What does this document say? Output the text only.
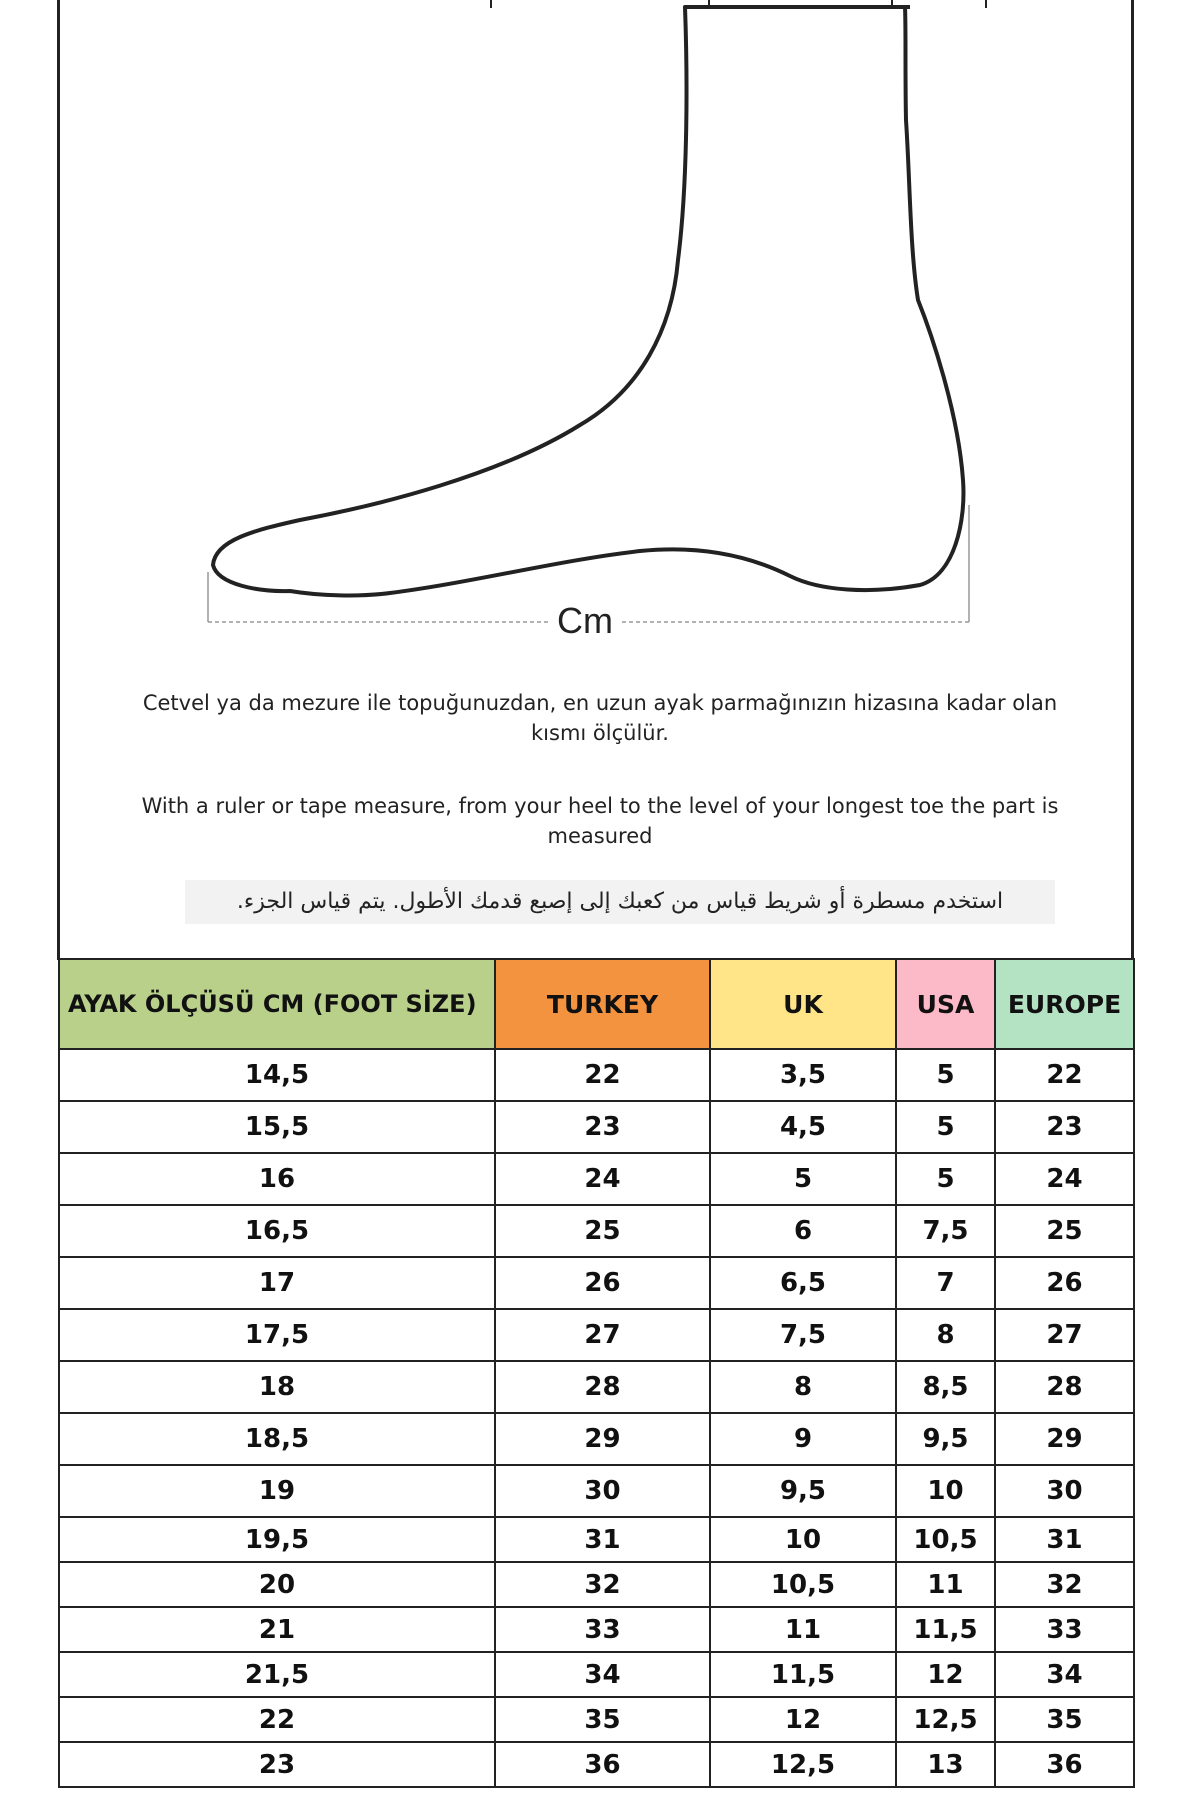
Cm
Cetvel ya da mezure ile topuğunuzdan, en uzun ayak parmağınızın hizasına kadar olan kısmı ölçülür.
With a ruler or tape measure, from your heel to the level of your longest toe the part is measured
استخدم مسطرة أو شريط قياس من كعبك إلى إصبع قدمك الأطول. يتم قياس الجزء.
AYAK ÖLÇÜSÜ CM (FOOT SİZE)	TURKEY	UK	USA	EUROPE
14,5	22	3,5	5	22
15,5	23	4,5	5	23
16	24	5	5	24
16,5	25	6	7,5	25
17	26	6,5	7	26
17,5	27	7,5	8	27
18	28	8	8,5	28
18,5	29	9	9,5	29
19	30	9,5	10	30
19,5	31	10	10,5	31
20	32	10,5	11	32
21	33	11	11,5	33
21,5	34	11,5	12	34
22	35	12	12,5	35
23	36	12,5	13	36
